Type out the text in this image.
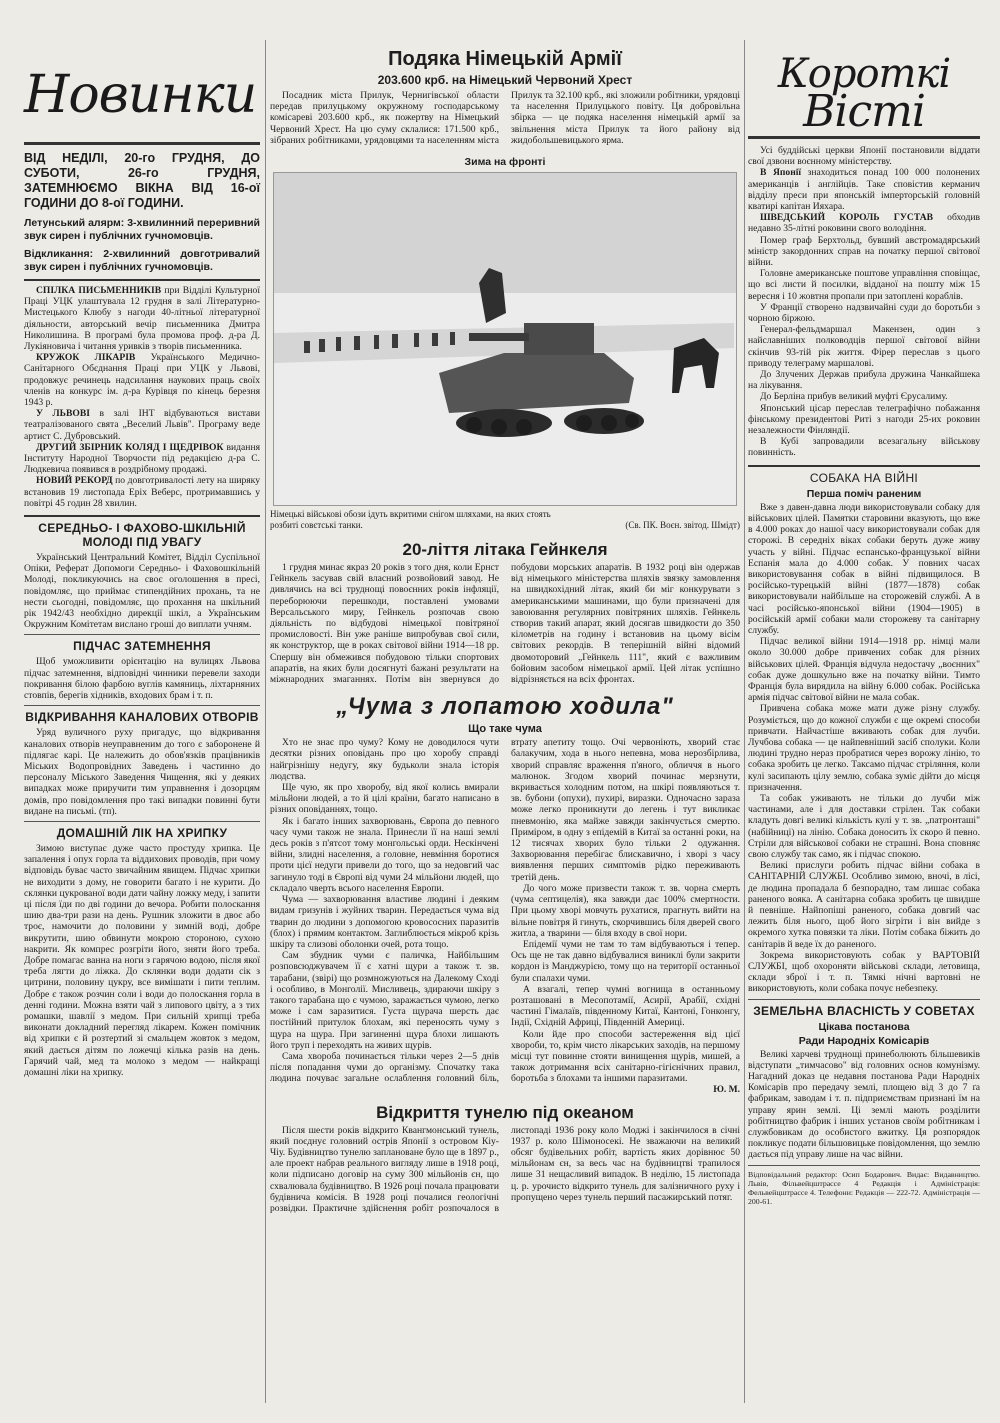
Новинки
ВІД НЕДІЛІ, 20-го ГРУДНЯ, ДО СУБОТИ, 26-го ГРУДНЯ, ЗАТЕМНЮЄМО ВІКНА ВІД 16-ої ГОДИНИ ДО 8-ої ГОДИНИ.

Летунський алярм: 3-хвилинний переривний звук сирен і публічних гучномовців.

Відкликання: 2-хвилинний довготривалий звук сирен і публічних гучномовців.

СПІЛКА ПИСЬМЕННИКІВ при Відділі Культурної Праці УЦК улаштувала 12 грудня в залі Літературно-Мистецького Клюбу з нагоди 40-літньої літературної діяльности, авторський вечір письменника Дмитра Николишина. В програмі була промова проф. д-ра Д. Лукіяновича і читання уривків з творів письменника.

КРУЖОК ЛІКАРІВ Українського Медично-Санітарного Обєднання Праці при УЦК у Львові, продовжує речинець надсилання наукових праць своїх членів на конкурс ім. д-ра Курівця по кінець березня 1943 р.

У ЛЬВОВІ в залі ІНТ відбуваються вистави театралізованого свята „Веселий Львів". Програму веде артист С. Дубровський.

ДРУГИЙ ЗБІРНИК КОЛЯД І ЩЕДРІВОК видання Інституту Народної Творчости під редакцією д-ра С. Людкевича появився в роздрібному продажі.

НОВИЙ РЕКОРД по довготривалості лету на ширяку встановив 19 листопада Еріх Веберс, протримавшись у повітрі 45 годин 28 хвилин.

СЕРЕДНЬО- І ФАХОВО-ШКІЛЬНІЙ МОЛОДІ ПІД УВАГУ

Український Центральний Комітет, Відділ Суспільної Опіки, Реферат Допомоги Середньо- і Фаховошкільній Молоді, покликуючись на своє оголошення в пресі, повідомляє, що приймає стипендійних прохань, та не нести сьогодні, повідомляє, що прохання на шкільний рік 1942/43 необхідно дирекції шкіл, а Українським Окружним Комітетам вислано гроші до виплати учням.

ПІДЧАС ЗАТЕМНЕННЯ

Щоб уможливити орієнтацію на вулицях Львова підчас затемнення, відповідні чинники перевели заходи покривання білою фарбою вуглів камяниць, ліхтарняних стовпів, берегів хідників, входових брам і т. п.

ВІДКРИВАННЯ КАНАЛОВИХ ОТВОРІВ

Уряд вуличного руху пригадує, що відкривання каналових отворів неуправненим до того є заборонене й підлягає карі. Це належить до обов'язків працівників Міських Водопровідних Заведень і частинно до персоналу Міського Заведення Чищення, які у деяких випадках може приручити тим управнення і дозорцям домів, про повідомлення про такі випадки повинні бути видане на письмі. (тп).

ДОМАШНІЙ ЛІК НА ХРИПКУ

Зимою виступає дуже часто простуду хрипка. Це запалення і опух горла та віддихових проводів, при чому відповідь буває часто звичайним явищем. Підчас хрипки не виходити з дому, не говорити багато і не курити. До склянки цукрованої води дати чайну ложку меду, і запити ці після їди по дві години до вечора. Робити полоскання шию два-три рази на день. Рушник зложити в двоє або троє, намочити до половини у зимній воді, добре викрутити, шию обвинути мокрою стороною, сухою накрити. Як компрес розгріти його, зняти його треба. Добре помагає ванна на ноги з гарячою водою, після якої треба лягти до ліжка. До склянки води додати сік з цитрини, половину цукру, все вимішати і пити теплим. Добре є також розчин соли і води до полоскання горла в денні години. Можна взяти чай з липового цвіту, а з тих ромашки, шавлії з медом. При сильній хрипці треба виконати докладний перегляд лікарем. Кожен помічник від хрипки є й розтертий зі смальцем жовток з медом, який дається дітям по ложечці кілька разів на день. Гарячий чай, мед та молоко з медом — найкращі домашні ліки на хрипку.

Подяка Німецькій Армії
203.600 крб. на Німецький Червоний Хрест

Посадник міста Прилук, Чернигівської области передав прилуцькому окружному господарському комісареві 203.600 крб., як пожертву на Німецький Червоний Хрест. На цю суму склалися: 171.500 крб., зібраних робітниками, урядовцями та населенням міста Прилук та 32.100 крб., які зложили робітники, урядовці та населення Прилуцького повіту. Ця добровільна збірка — це подяка населення німецькій армії за звільнення міста Прилук та його району від жидобольшевицького ярма.

Зима на фронті
Німецькі військові обози ідуть вкритими снігом шляхами, на яких стоять розбиті совєтські танки.	(Св. ПК. Воєн. звітод. Шмідт)
20-ліття літака Гейнкеля

1 грудня минає якраз 20 років з того дня, коли Ернст Гейнкель засував свій власний розвойовий завод. Не дивлячись на всі труднощі повоєнних років інфляції, переборюючи перешкоди, поставлені умовами Версальського миру, Гейнкель розпочав свою діяльність по відбудові німецької повітряної промисловості. Він уже раніше випробував свої сили, як конструктор, ще в роках світової війни 1914—18 рр. Спершу він обмежився побудовою тільки спортових апаратів, на яких були досягнуті бажані результати на міжнародних змаганнях. Потім він звернувся до побудови морських апаратів. В 1932 році він одержав від німецького міністерства шляхів звязку замовлення на швидкохідний літак, який би міг конкурувати з американськими машинами, що були призначені для завоювання регулярних повітряних шляхів. Гейнкель створив такий апарат, який досягав швидкости до 350 кілометрів на годину і встановив на цьому вісім світових рекордів. В теперішній війні відомий двомоторовий „Гейнкель 111", який є важливим бойовим засобом німецької армії. Цей літак успішно відрізняється на всіх фронтах.

„Чума з лопатою ходила"
Що таке чума

Хто не знає про чуму? Кому не доводилося чути десятки різних оповідань про цю хоробу справді найгрізнішу недугу, яку будьколи знала історія людства.

Ще чую, як про хворобу, від якої колись вмирали мільйони людей, а то й цілі країни, багато написано в різних оповіданнях, тощо.

Як і багато інших захворювань, Європа до певного часу чуми також не знала. Принесли її на наші землі десь років з п'ятсот тому монгольські орди. Нескінчені війни, злидні населення, а головне, невміння боротися проти цієї недуги привели до того, що за недовгий час загинуло тоді в Європі від чуми 24 мільйони людей, що складало чверть всього населення Европи.

Чума — захворювання властиве людині і деяким видам гризунів і жуйних тварин. Передається чума від тварин до людини з допомогою кровососних паразитів (блох) і прямим контактом. Заглиблюється мікроб крізь шкіру та слизові оболонки очей, рота тощо.

Сам збудник чуми є паличка, Найбільшим розповсюджувачем її є хатні щури а також т. зв. тарабани, (звірі) що розмножуються на Далекому Сході і особливо, в Монголії. Мисливець, здираючи шкіру з такого тарабана що є чумою, заражається чумою, легко може і сам заразитися. Густа щурача шерсть дає постійний притулок блохам, які переносять чуму з щура на щура. При загиненні щура блохи лишають його труп і переходять на живих щурів.

Сама хвороба починається тільки через 2—5 днів після попадання чуми до організму. Спочатку така людина почуває загальне ослаблення головний біль, втрату апетиту тощо. Очі червоніють, хворий стає балакучим, хода в нього непевна, мова нерозбірлива, хворий справляє враження п'яного, обличчя в нього малюнок. Згодом хворий починає мерзнути, вкривається холодним потом, на шкірі появляються т. зв. бубони (опухи), пухирі, виразки. Одночасно зараза може легко проникнути до легень і тут викликає пневмонію, яка майже завжди закінчується смертю. Приміром, в одну з епідемій в Китаї за останні роки, на 12 тисячах хворих було тільки 2 одужання. Захворювання перебігає блискавично, і хворі з часу виявлення перших симптомів рідко переживають третій день.

До чого може призвести також т. зв. чорна смерть (чума септицелія), яка завжди дає 100% смертности. При цьому хворі мовчуть рухатися, прагнуть вийти на вільне повітря й гинуть, скорчившись біля дверей свого житла, а тварини — біля входу в свої нори.

Епідемії чуми не там то там відбуваються і тепер. Ось ще не так давно відбувалися виниклі були закрити кордон із Манджурією, тому що на території останньої були спалахи чуми.

А взагалі, тепер чумні вогнища в останньому розташовані в Месопотамії, Асирії, Арабії, східні частині Гімалаїв, південному Китаї, Кантоні, Гонконгу, Індії, Східній Африці, Південній Америці.

Коли йде про способи застереження від цієї хвороби, то, крім чисто лікарських заходів, на першому місці тут повинне стояти винищення щурів, мишей, а також дотримання всіх санітарно-гігієнічних правил, боротьба з блохами та іншими паразитами.

Ю. М.
Відкриття тунелю під океаном

Після шести років відкрито Квангмонський тунель, який поєднує головний острів Японії з островом Кіу-Чіу. Будівництво тунелю заплановане було ще в 1897 р., але проект набрав реального вигляду лише в 1918 році, коли підписано договір на суму 300 мільйонів єн, що схвалювала будівництво. В 1926 році почала працювати будівнича комісія. В 1928 році почалися геологічні розвідки. Практичне здійснення робіт розпочалося в листопаді 1936 року коло Моджі і закінчилося в січні 1937 р. коло Шімоносекі. Не зважаючи на великий обсяг будівельних робіт, вартість яких дорівнює 50 мільйонам єн, за весь час на будівництві трапилося лише 31 нещасливий випадок. В неділю, 15 листопада ц. р. урочисто відкрито тунель для залізничного руху і пропущено через тунель перший пасажирський потяг.

Короткі
Вісті

Усі буддійські церкви Японії постановили віддати свої дзвони воєнному міністерству.

В Японії знаходиться понад 100 000 полонених американців і англійців. Таке сповістив керманич відділу преси при японській імперторській головній кватирі капітан Ияхара.

ШВЕДСЬКИЙ КОРОЛЬ ГУСТАВ обходив недавно 35-літні роковини свого володіння.

Помер граф Берхтольд, бувший австромадярський міністр закордонних справ на початку першої світової війни.

Головне американське поштове управління сповіщає, що всі листи й посилки, відданої на пошту між 15 вересня і 10 жовтня пропали при затоплені кораблів.

У Франції створено надзвичайні суди до боротьби з чорною біржою.

Генерал-фельдмаршал Макензен, один з найславніших полководців першої світової війни скінчив 93-тій рік життя. Фірер переслав з цього приводу телеграму маршалові.

До Злучених Держав прибула дружина Чанкайшека на лікування.

До Берліна прибув великий муфті Єрусалиму.

Японський цісар переслав телеграфічно побажання фінському президентові Риті з нагоди 25-их роковин незалежности Фінляндії.

В Кубі запровадили всезагальну військову повинність.

СОБАКА НА ВІЙНІ
Перша поміч раненим

Вже з давен-давна люди використовували собаку для військових цілей. Памятки старовини вказують, що вже в 4.000 роках до нашої часу використовували собак для сторожі. В середніх віках собаки беруть дуже живу участь у війні. Підчас еспансько-французької війни Еспанія мала до 4.000 собак. У повних часах використовування собак в війні підвищилося. В російсько-турецькій війні (1877—1878) собак використовували найбільше на сторожевій службі. А в часі російсько-японської війни (1904—1905) в російській армії собаки мали сторожеву та санітарну службу.

Підчас великої війни 1914—1918 рр. німці мали около 30.000 добре привчених собак для різних військових цілей. Франція відчула недостачу „воєнних" собак дуже дошкульно вже на початку війни. Тимто Франція була вирядила на війну 6.000 собак. Російська армія підчас світової війни не мала собак.

Привчена собака може мати дуже різну службу. Розуміється, що до кожної служби є ще окремі способи привчати. Найчастіше вживають собак для лучби. Лучбова собака — це найпевніший засіб сполуки. Коли людині трудно нераз пробратися через ворожу лінію, то собака зробить це легко. Таксамо підчас стріляння, коли кулі засипають цілу землю, собака зуміє дійти до місця призначення.

Та собак уживають не тільки до лучби між частинами, але і для доставки стрілен. Так собаки кладуть довгі великі кількість кулі у т. зв. „патронташі" (набійниці) на лінію. Собака доносить їх скоро й певно. Стріли для військової собаки не страшні. Вона сповняє свою службу так само, як і підчас спокою.

Великі прислуги робить підчас війни собака в САНІТАРНІЙ СЛУЖБІ. Особливо зимою, вночі, в лісі, де людина пропадала б безпорадно, там лишає собака раненого вояка. А санітарна собака зробить це швидше й певніше. Найпопіші раненого, собака довгий час лежить біля нього, щоб його зігріти і він вийде з окремого хутка повязки та ліки. Потім собака біжить до санітарів й веде їх до раненого.

Зокрема використовують собак у ВАРТОВІЙ СЛУЖБІ, щоб охороняти військові склади, летовища, склади зброї і т. п. Тямкі нічні вартовні не використовують, коли собака почує небезпеку.

ЗЕМЕЛЬНА ВЛАСНІСТЬ У СОВЕТАХ
Цікава постанова
Ради Народніх Комісарів

Великі харчеві труднощі принеболюють більшевиків відступати „тимчасово" від головних основ комунізму. Нагадний доказ це недавня постанова Ради Народніх Комісарів про передачу землі, площею від 3 до 7 ґа фабрикам, заводам і т. п. підприємствам признані їм на управу ярин землі. Ці землі мають розділити робітництво фабрик і інших установ своїм робітникам і службовикам до особистого вжитку. Ця розпорядок покликує подати більшовицьке повідомлення, що землю дається під управу лише на час війни.

Відповідальний редактор: Осип Бодарович. Видає: Видавництво. Львів, Фільвейцштрассе 4 Редакція і Адміністрація: Фельвейцштрассе 4. Телефони: Редакція — 222-72. Адміністрація — 200-61.
